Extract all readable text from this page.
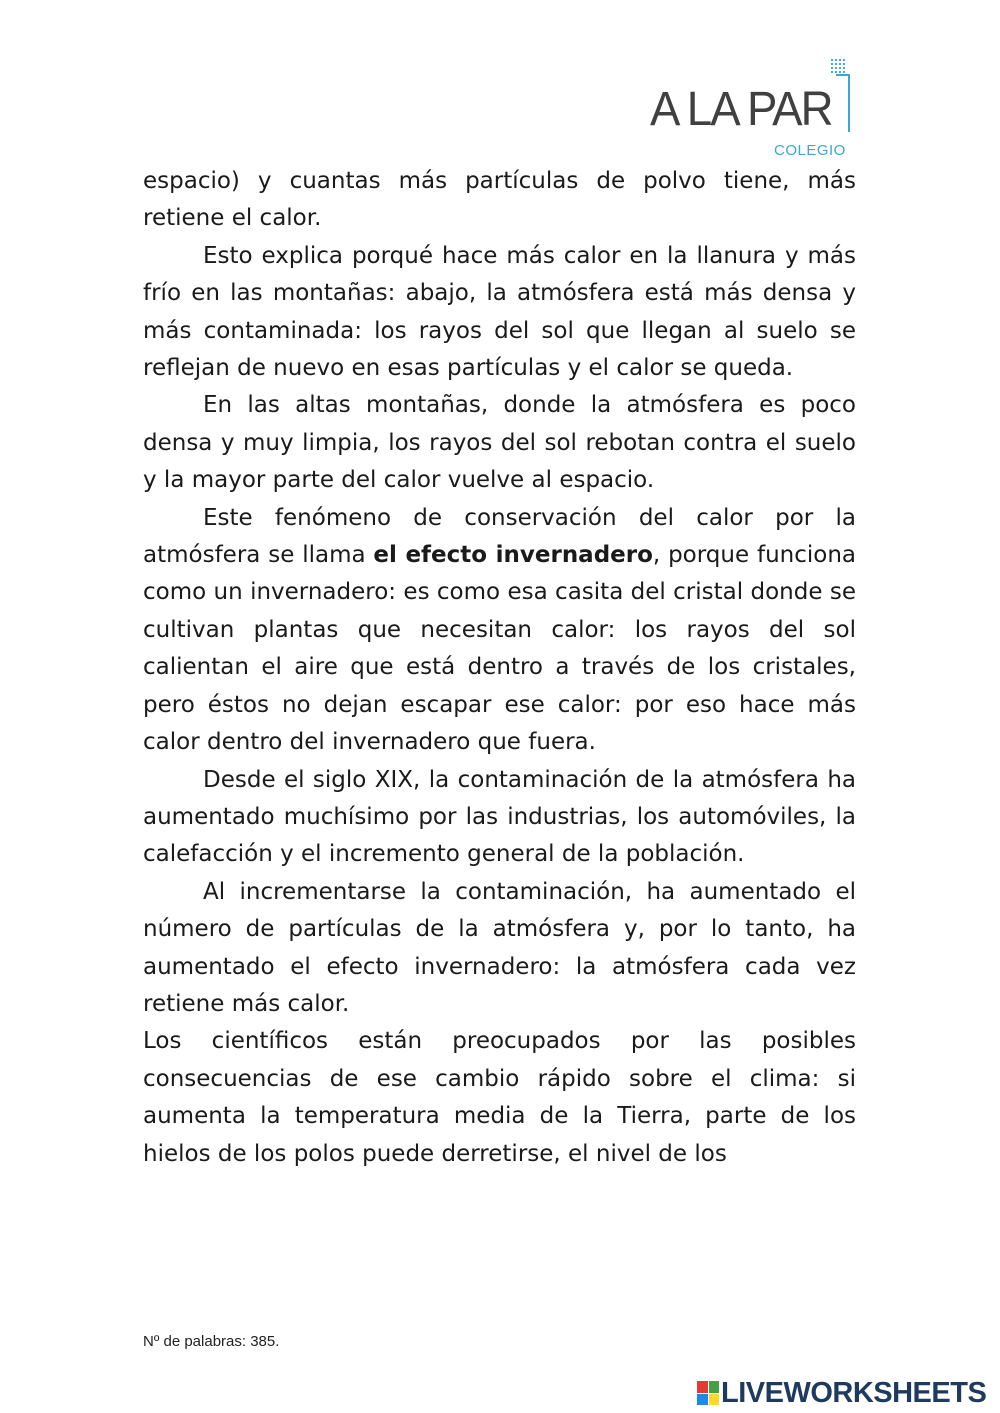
A LA PAR
COLEGIO

espacio) y cuantas más partículas de polvo tiene, más retiene el calor.

Esto explica porqué hace más calor en la llanura y más frío en las montañas: abajo, la atmósfera está más densa y más contaminada: los rayos del sol que llegan al suelo se reflejan de nuevo en esas partículas y el calor se queda.

En las altas montañas, donde la atmósfera es poco densa y muy limpia, los rayos del sol rebotan contra el suelo y la mayor parte del calor vuelve al espacio.

Este fenómeno de conservación del calor por la atmósfera se llama el efecto invernadero, porque funciona como un invernadero: es como esa casita del cristal donde se cultivan plantas que necesitan calor: los rayos del sol calientan el aire que está dentro a través de los cristales, pero éstos no dejan escapar ese calor: por eso hace más calor dentro del invernadero que fuera.

Desde el siglo XIX, la contaminación de la atmósfera ha aumentado muchísimo por las industrias, los automóviles, la calefacción y el incremento general de la población.

Al incrementarse la contaminación, ha aumentado el número de partículas de la atmósfera y, por lo tanto, ha aumentado el efecto invernadero: la atmósfera cada vez retiene más calor.

Los científicos están preocupados por las posibles consecuencias de ese cambio rápido sobre el clima: si aumenta la temperatura media de la Tierra, parte de los hielos de los polos puede derretirse, el nivel de los

Nº de palabras: 385.
LIVEWORKSHEETS
